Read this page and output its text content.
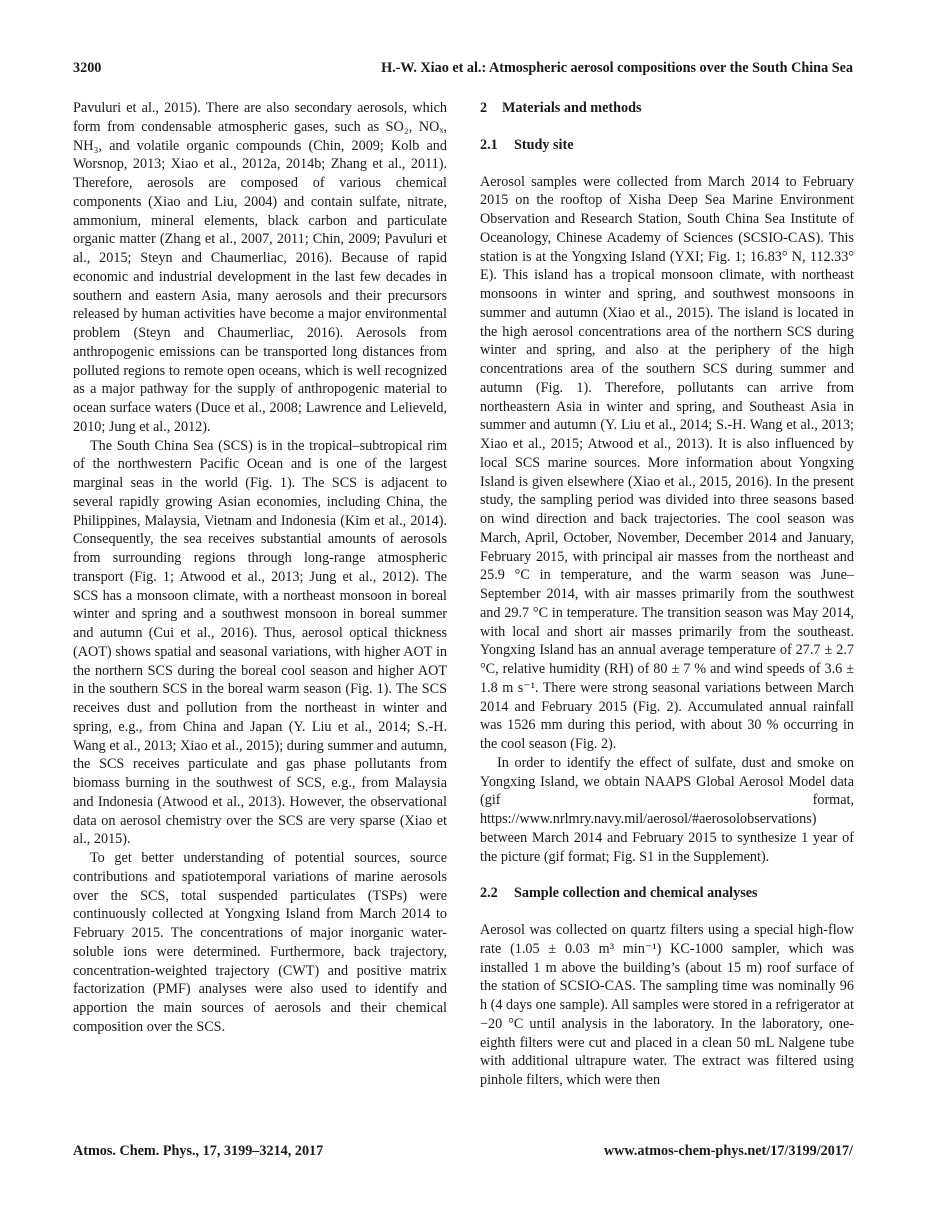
3200	H.-W. Xiao et al.: Atmospheric aerosol compositions over the South China Sea

Pavuluri et al., 2015). There are also secondary aerosols, which form from condensable atmospheric gases, such as SO₂, NOₓ, NH₃, and volatile organic compounds (Chin, 2009; Kolb and Worsnop, 2013; Xiao et al., 2012a, 2014b; Zhang et al., 2011). Therefore, aerosols are composed of various chemical components (Xiao and Liu, 2004) and contain sulfate, nitrate, ammonium, mineral elements, black carbon and particulate organic matter (Zhang et al., 2007, 2011; Chin, 2009; Pavuluri et al., 2015; Steyn and Chaumerliac, 2016). Because of rapid economic and industrial development in the last few decades in southern and eastern Asia, many aerosols and their precursors released by human activities have become a major environmental problem (Steyn and Chaumerliac, 2016). Aerosols from anthropogenic emissions can be transported long distances from polluted regions to remote open oceans, which is well recognized as a major pathway for the supply of anthropogenic material to ocean surface waters (Duce et al., 2008; Lawrence and Lelieveld, 2010; Jung et al., 2012).

The South China Sea (SCS) is in the tropical–subtropical rim of the northwestern Pacific Ocean and is one of the largest marginal seas in the world (Fig. 1). The SCS is adjacent to several rapidly growing Asian economies, including China, the Philippines, Malaysia, Vietnam and Indonesia (Kim et al., 2014). Consequently, the sea receives substantial amounts of aerosols from surrounding regions through long-range atmospheric transport (Fig. 1; Atwood et al., 2013; Jung et al., 2012). The SCS has a monsoon climate, with a northeast monsoon in boreal winter and spring and a southwest monsoon in boreal summer and autumn (Cui et al., 2016). Thus, aerosol optical thickness (AOT) shows spatial and seasonal variations, with higher AOT in the northern SCS during the boreal cool season and higher AOT in the southern SCS in the boreal warm season (Fig. 1). The SCS receives dust and pollution from the northeast in winter and spring, e.g., from China and Japan (Y. Liu et al., 2014; S.-H. Wang et al., 2013; Xiao et al., 2015); during summer and autumn, the SCS receives particulate and gas phase pollutants from biomass burning in the southwest of SCS, e.g., from Malaysia and Indonesia (Atwood et al., 2013). However, the observational data on aerosol chemistry over the SCS are very sparse (Xiao et al., 2015).

To get better understanding of potential sources, source contributions and spatiotemporal variations of marine aerosols over the SCS, total suspended particulates (TSPs) were continuously collected at Yongxing Island from March 2014 to February 2015. The concentrations of major inorganic water-soluble ions were determined. Furthermore, back trajectory, concentration-weighted trajectory (CWT) and positive matrix factorization (PMF) analyses were also used to identify and apportion the main sources of aerosols and their chemical composition over the SCS.

2 Materials and methods
2.1 Study site

Aerosol samples were collected from March 2014 to February 2015 on the rooftop of Xisha Deep Sea Marine Environment Observation and Research Station, South China Sea Institute of Oceanology, Chinese Academy of Sciences (SCSIO-CAS). This station is at the Yongxing Island (YXI; Fig. 1; 16.83° N, 112.33° E). This island has a tropical monsoon climate, with northeast monsoons in winter and spring, and southwest monsoons in summer and autumn (Xiao et al., 2015). The island is located in the high aerosol concentrations area of the northern SCS during winter and spring, and also at the periphery of the high concentrations area of the southern SCS during summer and autumn (Fig. 1). Therefore, pollutants can arrive from northeastern Asia in winter and spring, and Southeast Asia in summer and autumn (Y. Liu et al., 2014; S.-H. Wang et al., 2013; Xiao et al., 2015; Atwood et al., 2013). It is also influenced by local SCS marine sources. More information about Yongxing Island is given elsewhere (Xiao et al., 2015, 2016). In the present study, the sampling period was divided into three seasons based on wind direction and back trajectories. The cool season was March, April, October, November, December 2014 and January, February 2015, with principal air masses from the northeast and 25.9 °C in temperature, and the warm season was June–September 2014, with air masses primarily from the southwest and 29.7 °C in temperature. The transition season was May 2014, with local and short air masses primarily from the southeast. Yongxing Island has an annual average temperature of 27.7 ± 2.7 °C, relative humidity (RH) of 80 ± 7 % and wind speeds of 3.6 ± 1.8 m s⁻¹. There were strong seasonal variations between March 2014 and February 2015 (Fig. 2). Accumulated annual rainfall was 1526 mm during this period, with about 30 % occurring in the cool season (Fig. 2).

In order to identify the effect of sulfate, dust and smoke on Yongxing Island, we obtain NAAPS Global Aerosol Model data (gif format, https://www.nrlmry.navy.mil/aerosol/#aerosolobservations) between March 2014 and February 2015 to synthesize 1 year of the picture (gif format; Fig. S1 in the Supplement).

2.2 Sample collection and chemical analyses

Aerosol was collected on quartz filters using a special high-flow rate (1.05 ± 0.03 m³ min⁻¹) KC-1000 sampler, which was installed 1 m above the building’s (about 15 m) roof surface of the station of SCSIO-CAS. The sampling time was nominally 96 h (4 days one sample). All samples were stored in a refrigerator at −20 °C until analysis in the laboratory. In the laboratory, one-eighth filters were cut and placed in a clean 50 mL Nalgene tube with additional ultrapure water. The extract was filtered using pinhole filters, which were then

Atmos. Chem. Phys., 17, 3199–3214, 2017	www.atmos-chem-phys.net/17/3199/2017/
